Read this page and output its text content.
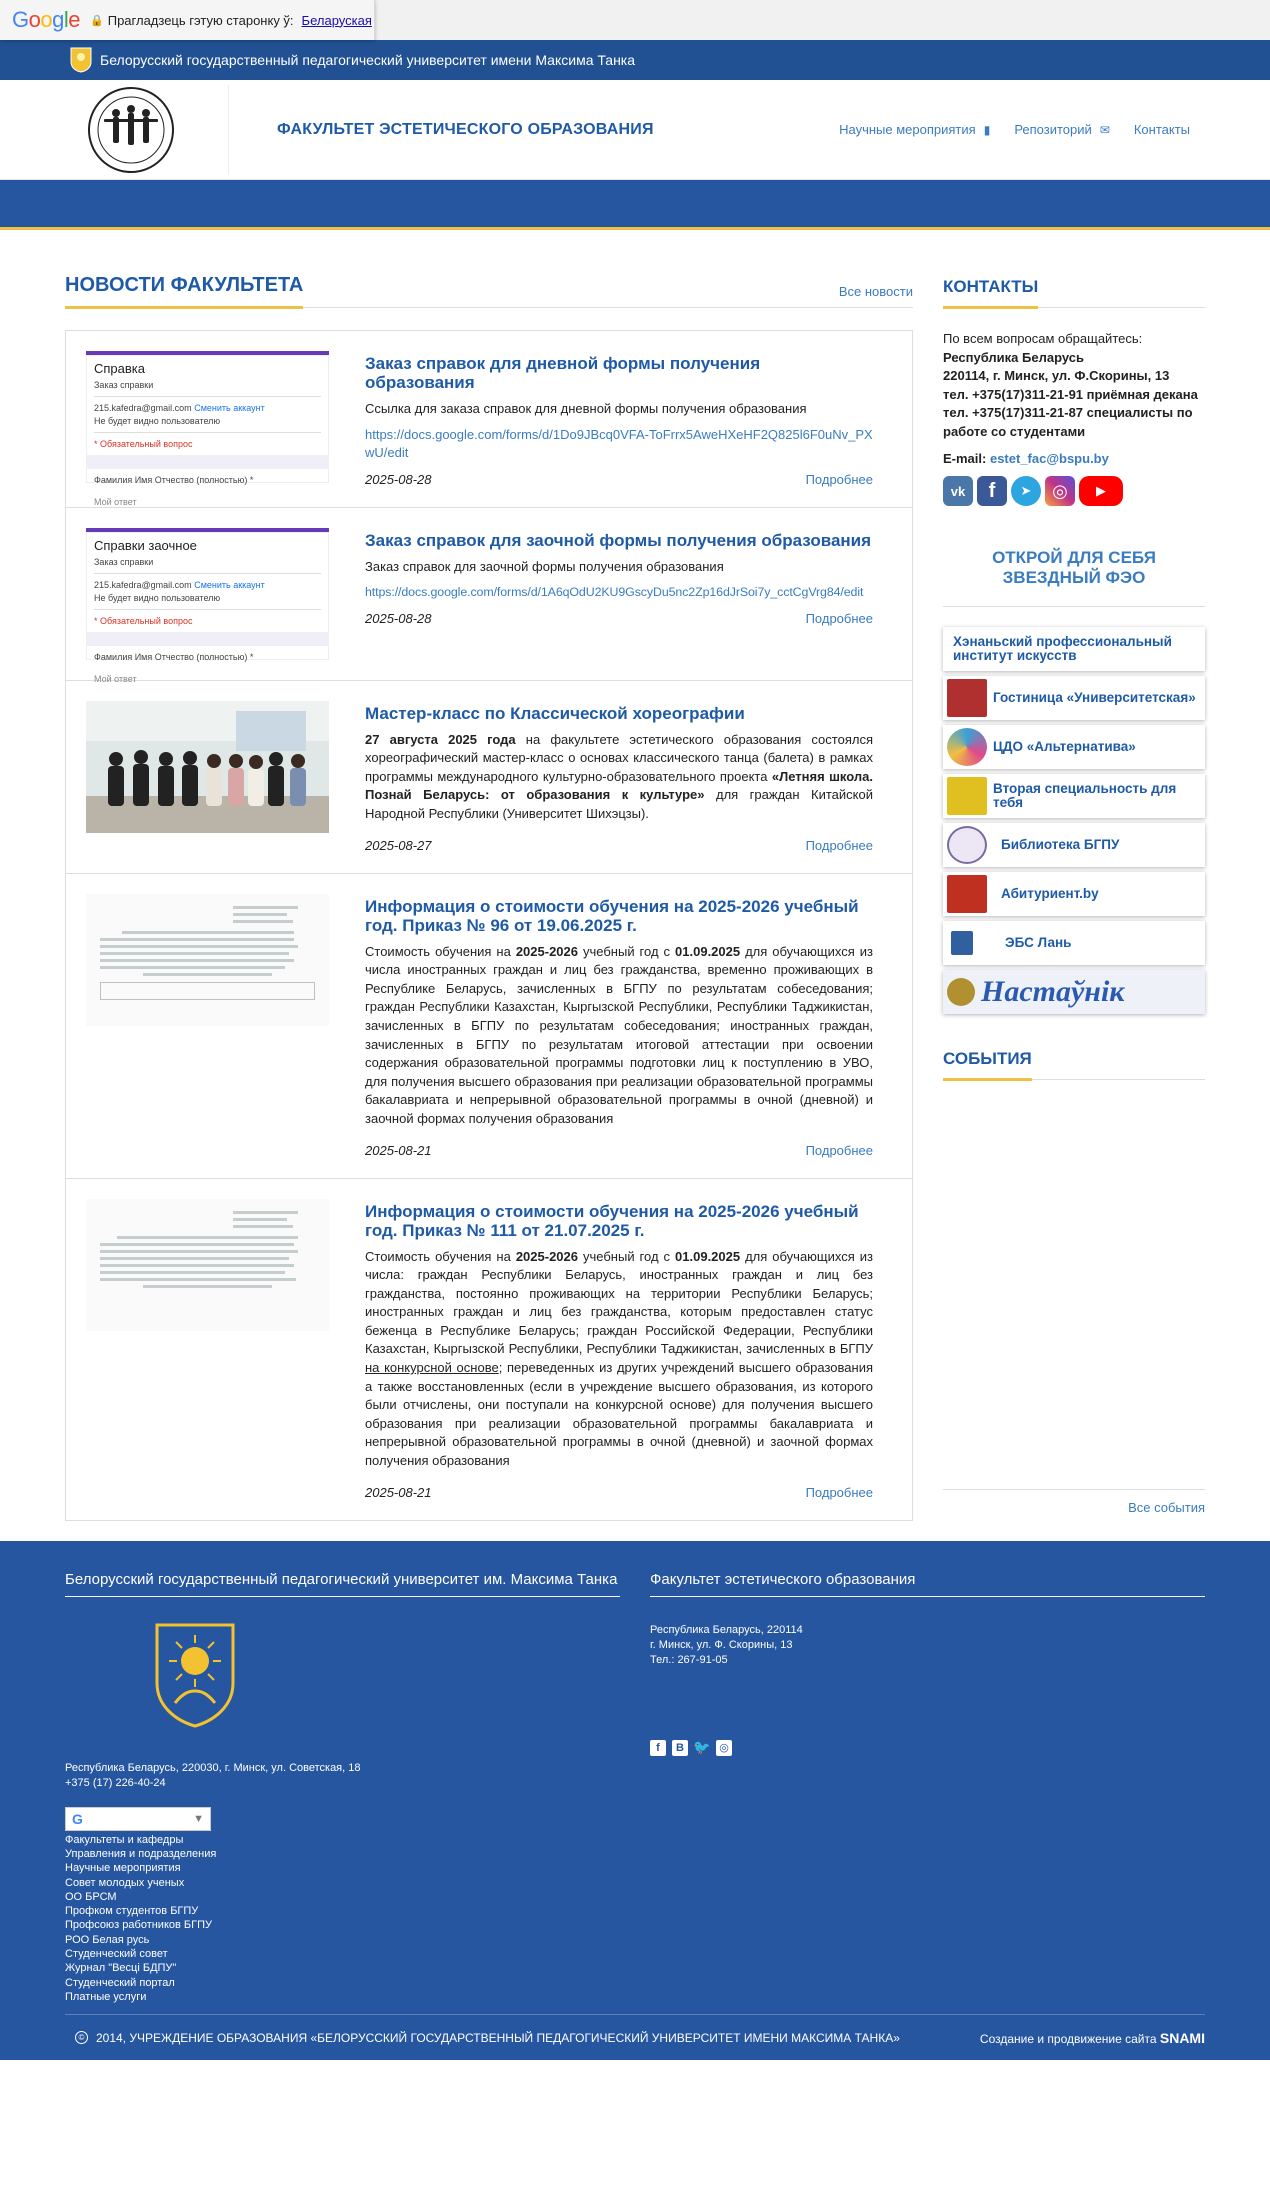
Google 🔒 Прагладзець гэтую старонку ў: Беларуская
Белорусский государственный педагогический университет имени Максима Танка
ФАКУЛЬТЕТ ЭСТЕТИЧЕСКОГО ОБРАЗОВАНИЯ	Научные мероприятия ▮ Репозиторий ✉ Контакты
НОВОСТИ ФАКУЛЬТЕТА	Все новости
Справка
Заказ справки
215.kafedra@gmail.com Сменить аккаунт
Не будет видно пользователю
* Обязательный вопрос
Фамилия Имя Отчество (полностью) *
Мой ответ
Заказ справок для дневной формы получения образования
Ссылка для заказа справок для дневной формы получения образования
https://docs.google.com/forms/d/1Do9JBcq0VFA-ToFrrx5AweHXeHF2Q825l6F0uNv_PXwU/edit
2025-08-28	Подробнее
Справки заочное
Заказ справки
215.kafedra@gmail.com Сменить аккаунт
Не будет видно пользователю
* Обязательный вопрос
Фамилия Имя Отчество (полностью) *
Мой ответ
Заказ справок для заочной формы получения образования
Заказ справок для заочной формы получения образования
https://docs.google.com/forms/d/1A6qOdU2KU9GscyDu5nc2Zp16dJrSoi7y_cctCgVrg84/edit
2025-08-28	Подробнее
Мастер-класс по Классической хореографии
27 августа 2025 года на факультете эстетического образования состоялся хореографический мастер-класс о основах классического танца (балета) в рамках программы международного культурно-образовательного проекта «Летняя школа. Познай Беларусь: от образования к культуре» для граждан Китайской Народной Республики (Университет Шихэцзы).
2025-08-27	Подробнее
Информация о стоимости обучения на 2025-2026 учебный год. Приказ № 96 от 19.06.2025 г.
Стоимость обучения на 2025-2026 учебный год с 01.09.2025 для обучающихся из числа иностранных граждан и лиц без гражданства, временно проживающих в Республике Беларусь, зачисленных в БГПУ по результатам собеседования; граждан Республики Казахстан, Кыргызской Республики, Республики Таджикистан, зачисленных в БГПУ по результатам собеседования; иностранных граждан, зачисленных в БГПУ по результатам итоговой аттестации при освоении содержания образовательной программы подготовки лиц к поступлению в УВО, для получения высшего образования при реализации образовательной программы бакалавриата и непрерывной образовательной программы в очной (дневной) и заочной формах получения образования
2025-08-21	Подробнее
Информация о стоимости обучения на 2025-2026 учебный год. Приказ № 111 от 21.07.2025 г.
Стоимость обучения на 2025-2026 учебный год с 01.09.2025 для обучающихся из числа: граждан Республики Беларусь, иностранных граждан и лиц без гражданства, постоянно проживающих на территории Республики Беларусь; иностранных граждан и лиц без гражданства, которым предоставлен статус беженца в Республике Беларусь; граждан Российской Федерации, Республики Казахстан, Кыргызской Республики, Республики Таджикистан, зачисленных в БГПУ на конкурсной основе; переведенных из других учреждений высшего образования а также восстановленных (если в учреждение высшего образования, из которого были отчислены, они поступали на конкурсной основе) для получения высшего образования при реализации образовательной программы бакалавриата и непрерывной образовательной программы в очной (дневной) и заочной формах получения образования
2025-08-21	Подробнее
КОНТАКТЫ
По всем вопросам обращайтесь:
Республика Беларусь
220114, г. Минск, ул. Ф.Скорины, 13
тел. +375(17)311-21-91 приёмная декана
тел. +375(17)311-21-87 специалисты по работе со студентами
E-mail: estet_fac@bspu.by
vk f ➤ ◎ ▶
ОТКРОЙ ДЛЯ СЕБЯ ЗВЕЗДНЫЙ ФЭО
Хэнаньский профессиональный институт искусств
Гостиница «Университетская»
ЦДО «Альтернатива»
Вторая специальность для тебя
Библиотека БГПУ
Абитуриент.by
ЭБС Лань
Настаўнік
СОБЫТИЯ
Все события
Белорусский государственный педагогический университет им. Максима Танка
Республика Беларусь, 220030, г. Минск, ул. Советская, 18
+375 (17) 226-40-24
G	▼
Факультеты и кафедры
Управления и подразделения
Научные мероприятия
Совет молодых ученых
ОО БРСМ
Профком студентов БГПУ
Профсоюз работников БГПУ
РОО Белая русь
Студенческий совет
Журнал "Весці БДПУ"
Студенческий портал
Платные услуги
Факультет эстетического образования
Республика Беларусь, 220114
г. Минск, ул. Ф. Скорины, 13
Тел.: 267-91-05
f	B 🐦 ◎
© 2014, УЧРЕЖДЕНИЕ ОБРАЗОВАНИЯ «БЕЛОРУССКИЙ ГОСУДАРСТВЕННЫЙ ПЕДАГОГИЧЕСКИЙ УНИВЕРСИТЕТ ИМЕНИ МАКСИМА ТАНКА»	Создание и продвижение сайта SNAMI
